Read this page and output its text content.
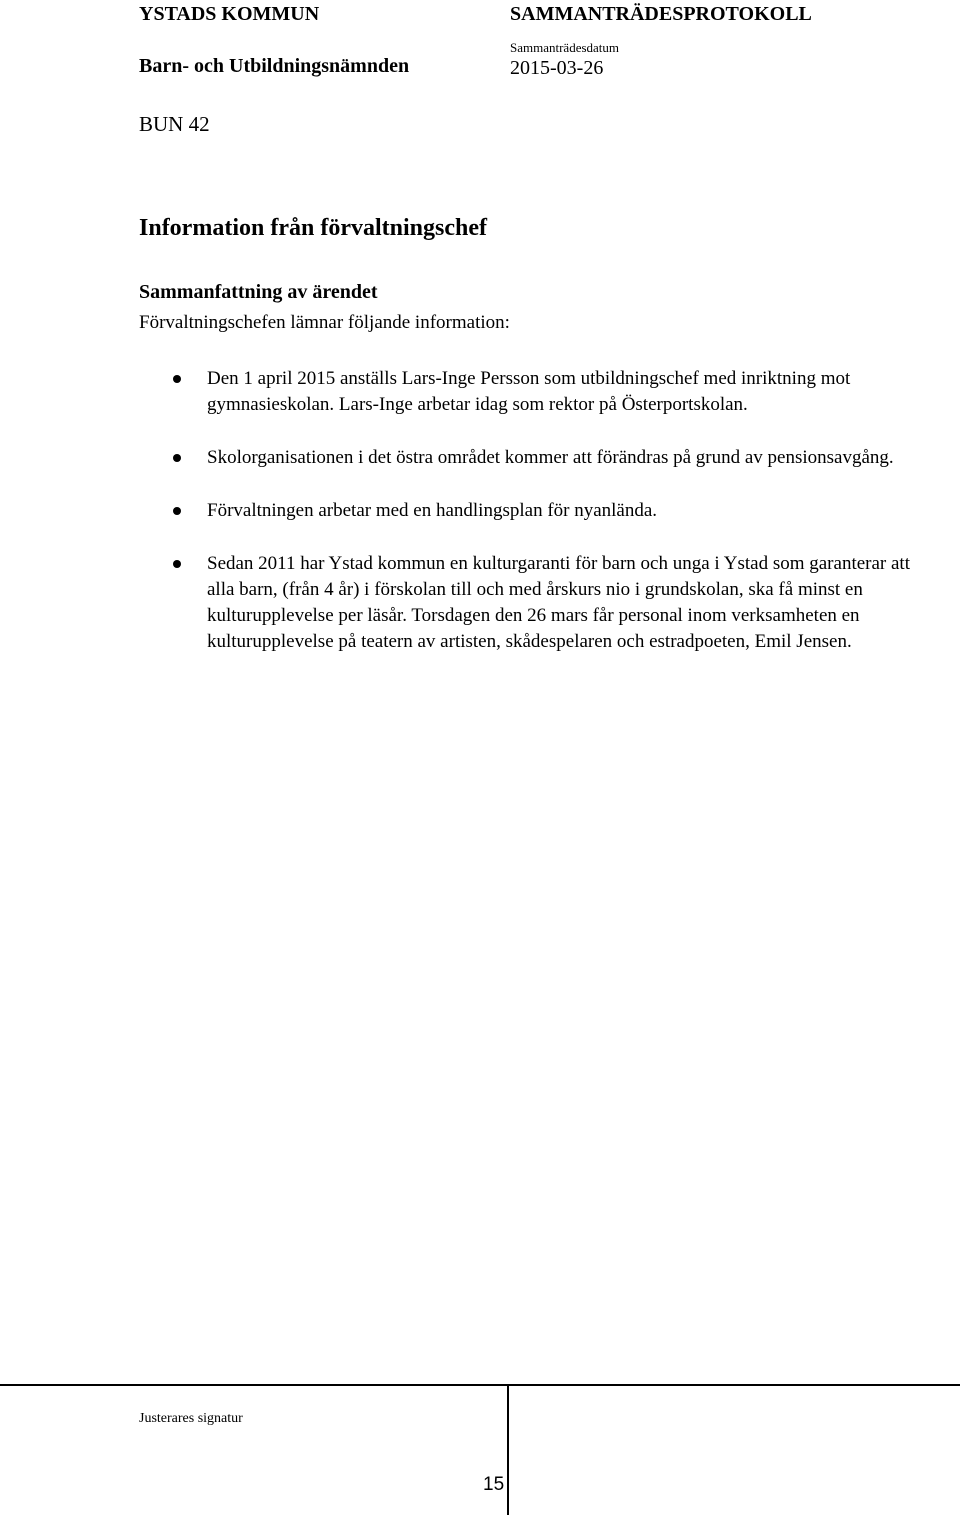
YSTADS KOMMUN	SAMMANTRÄDESPROTOKOLL
Barn- och Utbildningsnämnden
Sammanträdesdatum
2015-03-26
BUN 42
Information från förvaltningschef
Sammanfattning av ärendet
Förvaltningschefen lämnar följande information:

Den 1 april 2015 anställs Lars-Inge Persson som utbildningschef med inriktning mot gymnasieskolan. Lars-Inge arbetar idag som rektor på Österportskolan.

Skolorganisationen i det östra området kommer att förändras på grund av pensionsavgång.

Förvaltningen arbetar med en handlingsplan för nyanlända.

Sedan 2011 har Ystad kommun en kulturgaranti för barn och unga i Ystad som garanterar att alla barn, (från 4 år) i förskolan till och med årskurs nio i grundskolan, ska få minst en kulturupplevelse per läsår. Torsdagen den 26 mars får personal inom verksamheten en kulturupplevelse på teatern av artisten, skådespelaren och estradpoeten, Emil Jensen.

Justerares signatur
15
